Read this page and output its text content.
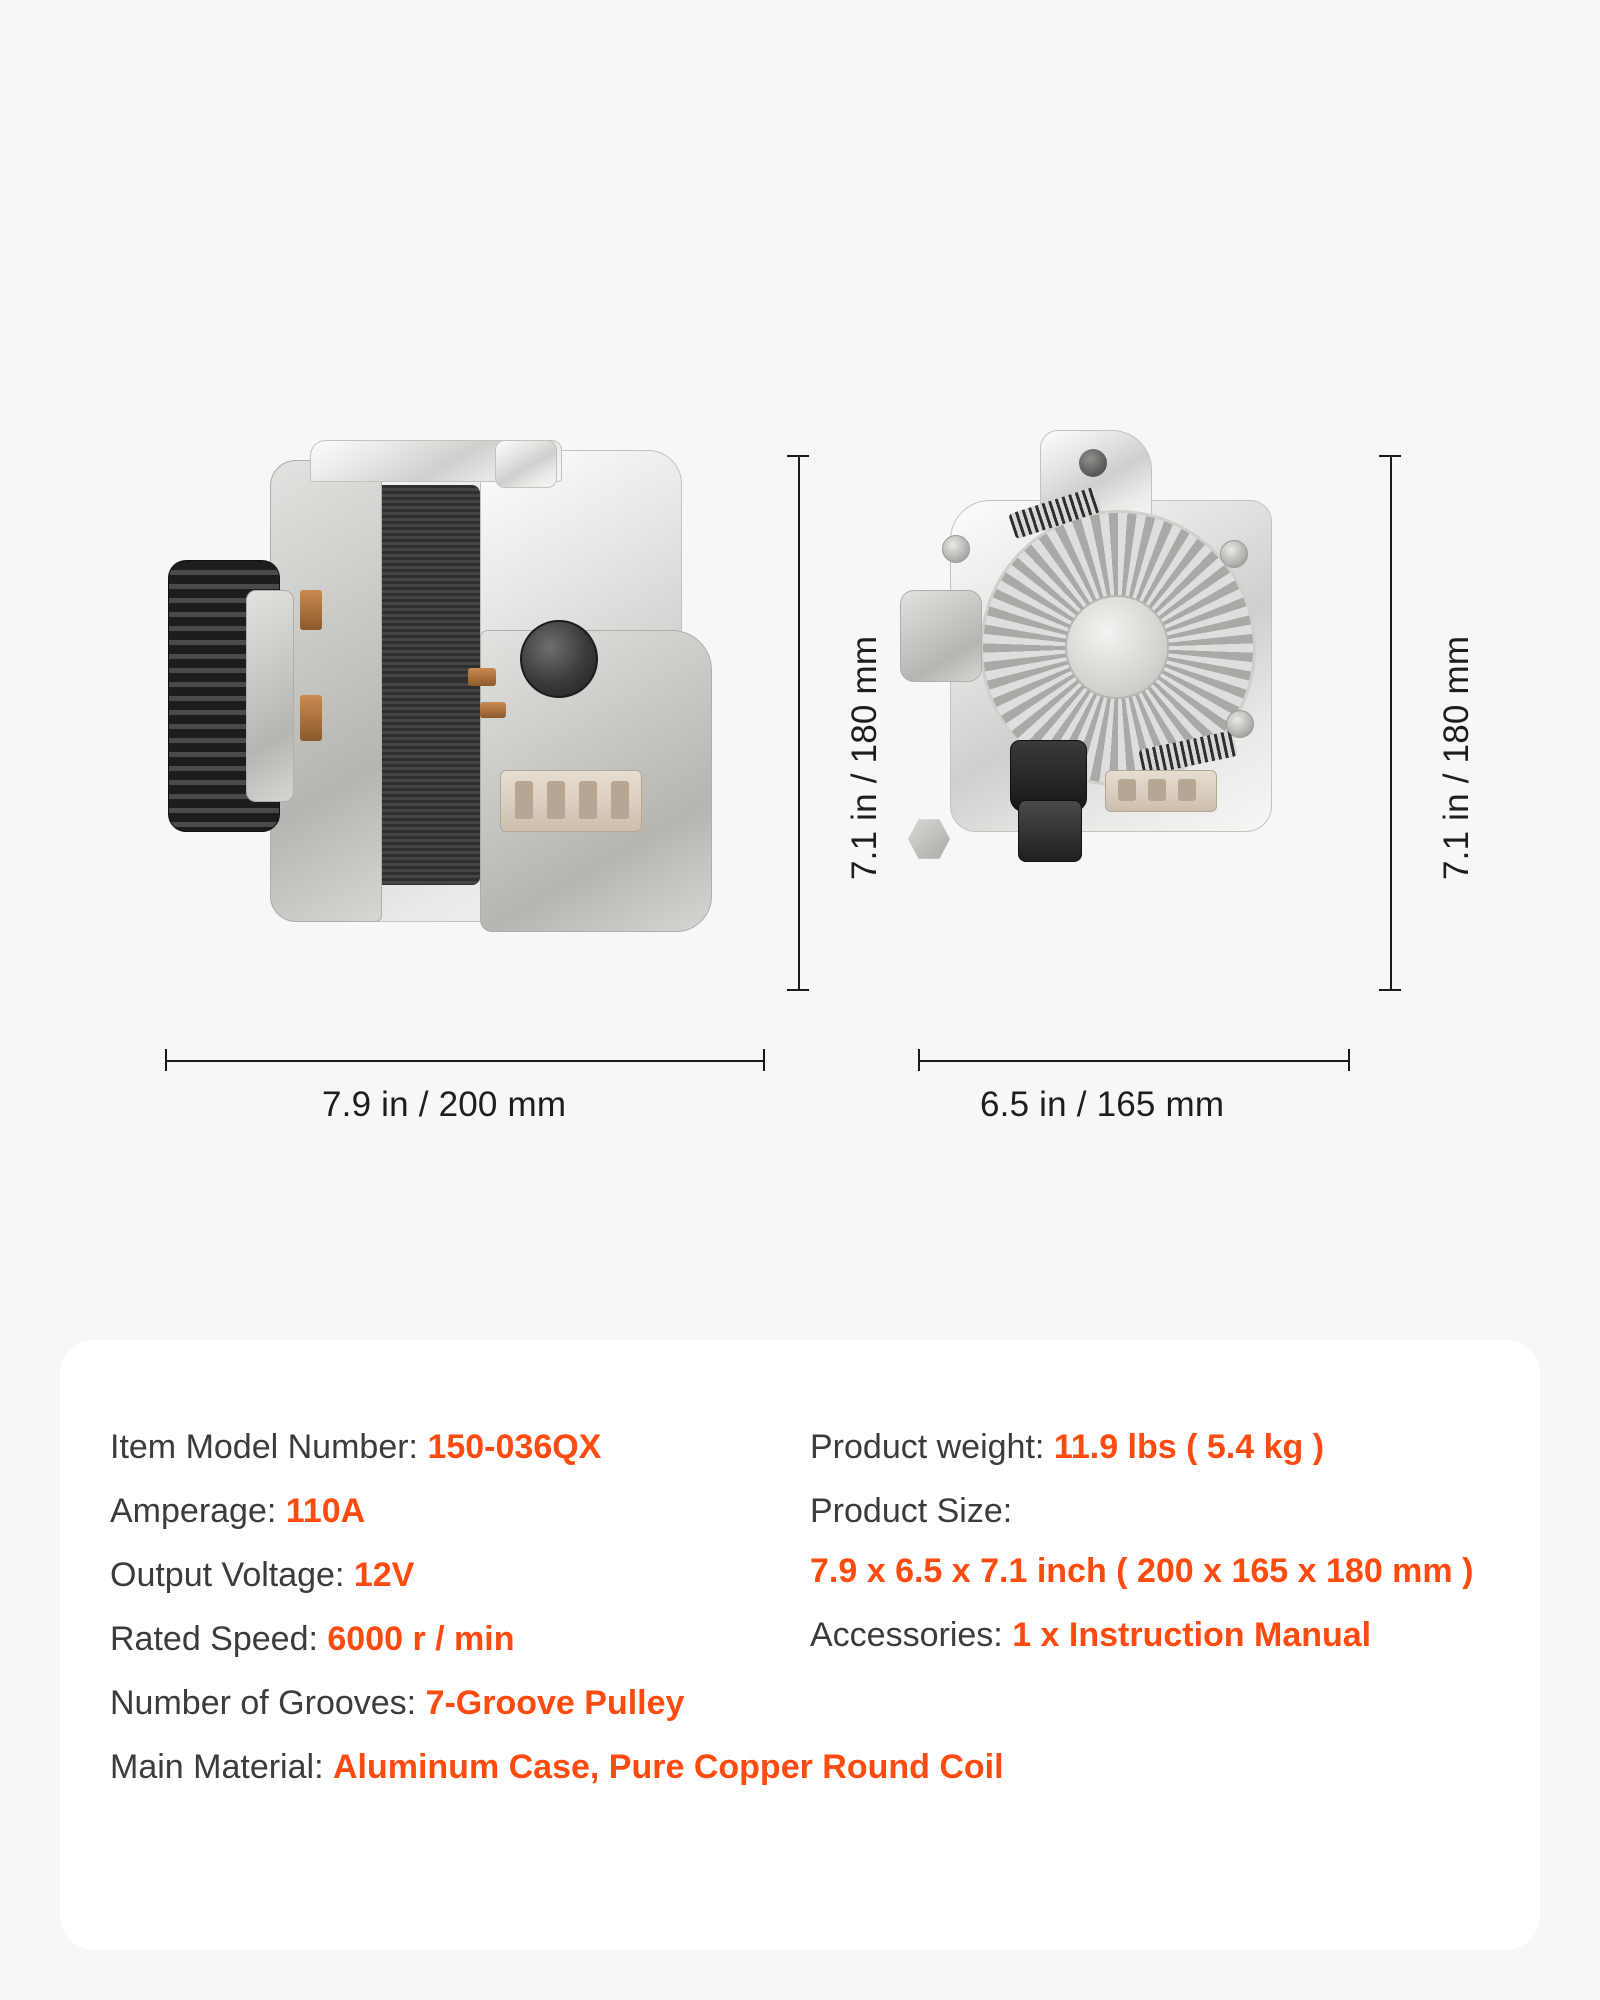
7.1 in / 180 mm
7.9 in / 200 mm
7.1 in / 180 mm
6.5 in / 165 mm
Item Model Number: 150-036QX
Amperage: 110A
Output Voltage: 12V
Rated Speed: 6000 r / min
Number of Grooves: 7-Groove Pulley
Main Material: Aluminum Case, Pure Copper Round Coil
Product weight: 11.9 lbs ( 5.4 kg )
Product Size:
7.9 x 6.5 x 7.1 inch ( 200 x 165 x 180 mm )
Accessories: 1 x Instruction Manual
